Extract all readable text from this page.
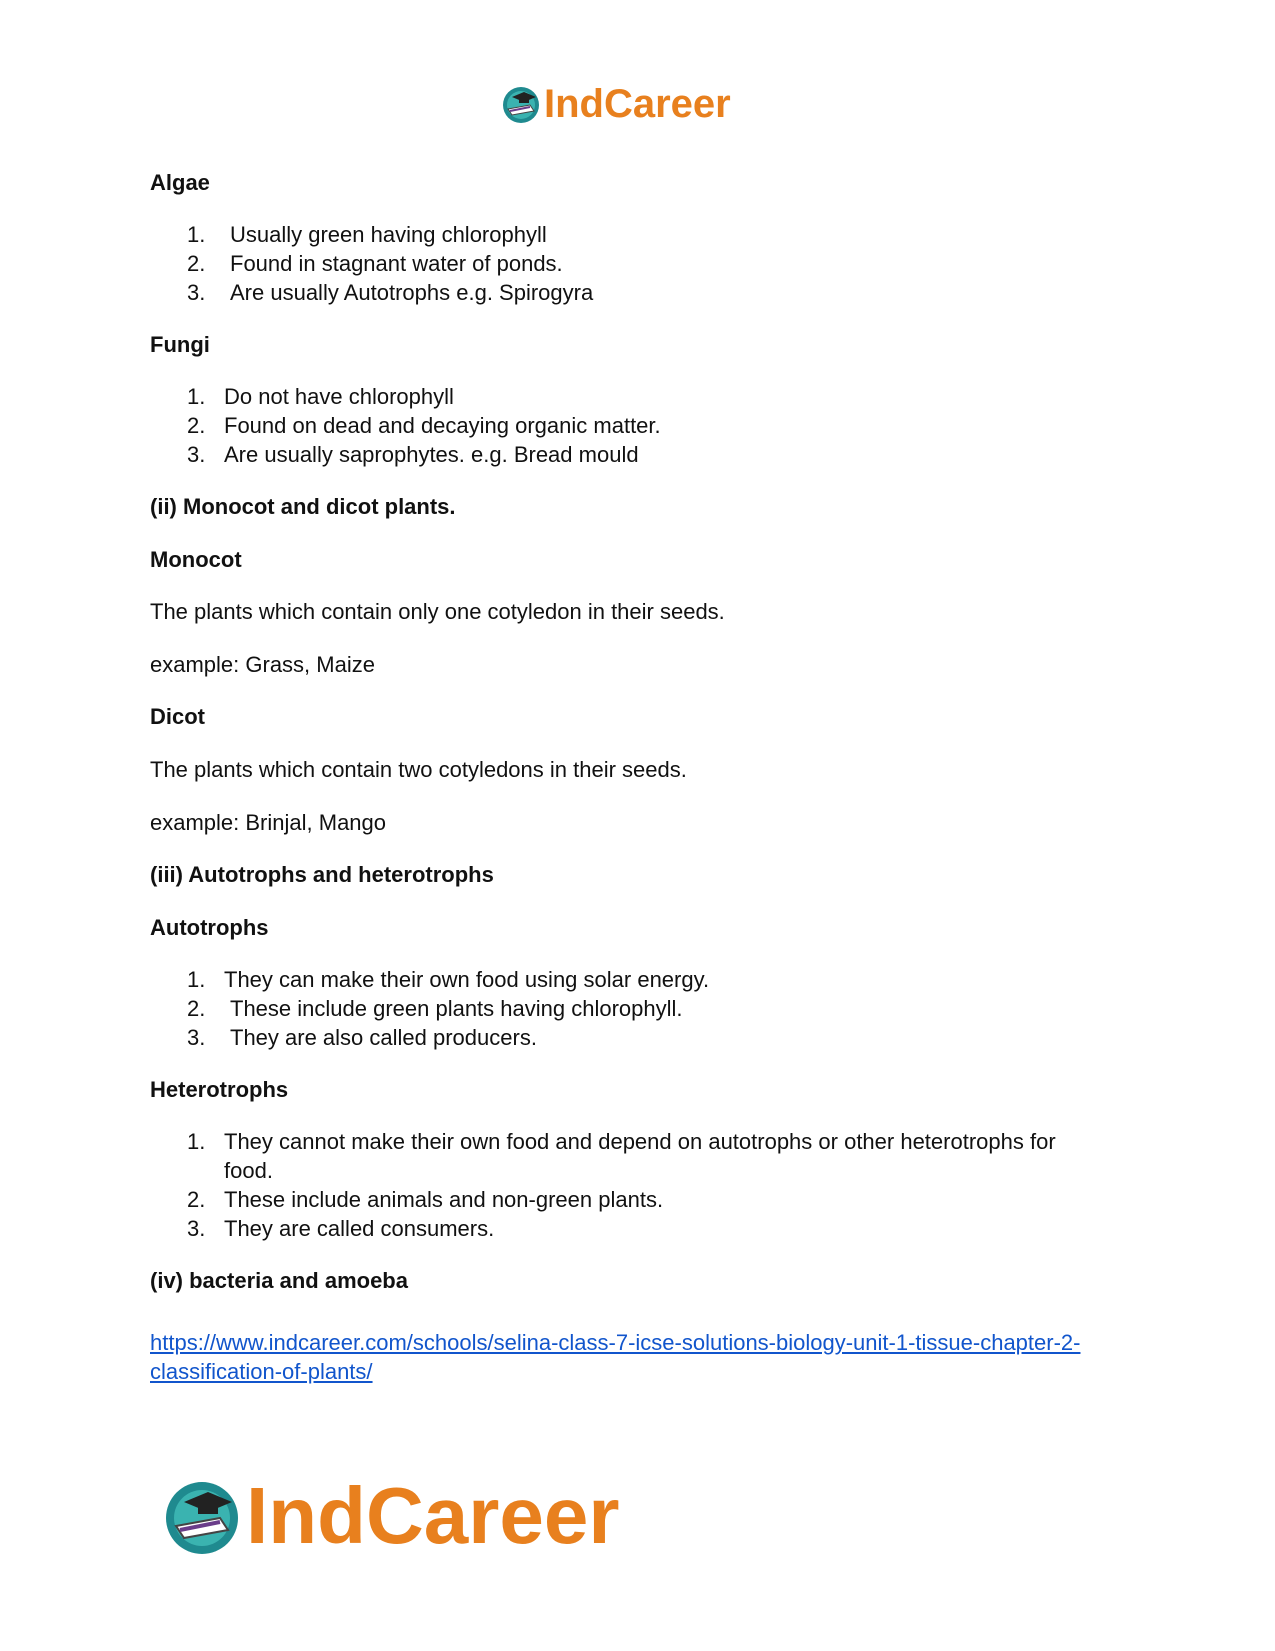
IndCareer
Algae
1. Usually green having chlorophyll
2. Found in stagnant water of ponds.
3. Are usually Autotrophs e.g. Spirogyra
Fungi
1. Do not have chlorophyll
2. Found on dead and decaying organic matter.
3. Are usually saprophytes. e.g. Bread mould
(ii) Monocot and dicot plants.
Monocot
The plants which contain only one cotyledon in their seeds.
example: Grass, Maize
Dicot
The plants which contain two cotyledons in their seeds.
example: Brinjal, Mango
(iii) Autotrophs and heterotrophs
Autotrophs
1. They can make their own food using solar energy.
2. These include green plants having chlorophyll.
3. They are also called producers.
Heterotrophs
1. They cannot make their own food and depend on autotrophs or other heterotrophs for
food.
2. These include animals and non-green plants.
3. They are called consumers.
(iv) bacteria and amoeba
https://www.indcareer.com/schools/selina-class-7-icse-solutions-biology-unit-1-tissue-chapter-2-
classification-of-plants/
IndCareer
